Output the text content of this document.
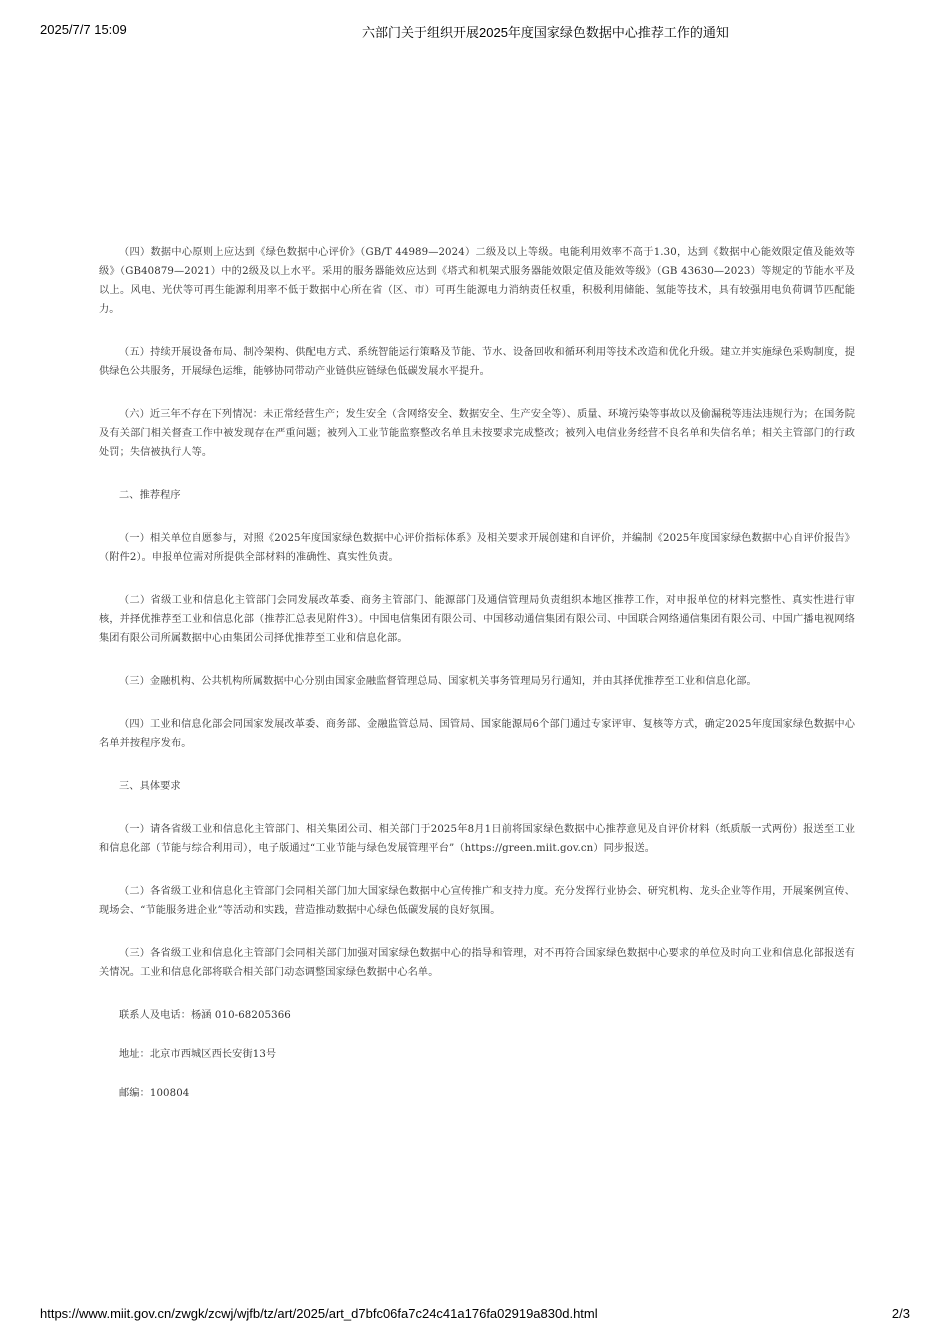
2025/7/7 15:09	六部门关于组织开展2025年度国家绿色数据中心推荐工作的通知

（四）数据中心原则上应达到《绿色数据中心评价》（GB/T 44989—2024）二级及以上等级。电能利用效率不高于1.30，达到《数据中心能效限定值及能效等级》（GB40879—2021）中的2级及以上水平。采用的服务器能效应达到《塔式和机架式服务器能效限定值及能效等级》（GB 43630—2023）等规定的节能水平及以上。风电、光伏等可再生能源利用率不低于数据中心所在省（区、市）可再生能源电力消纳责任权重，积极利用储能、氢能等技术，具有较强用电负荷调节匹配能力。

（五）持续开展设备布局、制冷架构、供配电方式、系统智能运行策略及节能、节水、设备回收和循环利用等技术改造和优化升级。建立并实施绿色采购制度，提供绿色公共服务，开展绿色运维，能够协同带动产业链供应链绿色低碳发展水平提升。

（六）近三年不存在下列情况：未正常经营生产；发生安全（含网络安全、数据安全、生产安全等）、质量、环境污染等事故以及偷漏税等违法违规行为；在国务院及有关部门相关督查工作中被发现存在严重问题；被列入工业节能监察整改名单且未按要求完成整改；被列入电信业务经营不良名单和失信名单；相关主管部门的行政处罚；失信被执行人等。

二、推荐程序

（一）相关单位自愿参与，对照《2025年度国家绿色数据中心评价指标体系》及相关要求开展创建和自评价，并编制《2025年度国家绿色数据中心自评价报告》（附件2）。申报单位需对所提供全部材料的准确性、真实性负责。

（二）省级工业和信息化主管部门会同发展改革委、商务主管部门、能源部门及通信管理局负责组织本地区推荐工作，对申报单位的材料完整性、真实性进行审核，并择优推荐至工业和信息化部（推荐汇总表见附件3）。中国电信集团有限公司、中国移动通信集团有限公司、中国联合网络通信集团有限公司、中国广播电视网络集团有限公司所属数据中心由集团公司择优推荐至工业和信息化部。

（三）金融机构、公共机构所属数据中心分别由国家金融监督管理总局、国家机关事务管理局另行通知，并由其择优推荐至工业和信息化部。

（四）工业和信息化部会同国家发展改革委、商务部、金融监管总局、国管局、国家能源局6个部门通过专家评审、复核等方式，确定2025年度国家绿色数据中心名单并按程序发布。

三、具体要求

（一）请各省级工业和信息化主管部门、相关集团公司、相关部门于2025年8月1日前将国家绿色数据中心推荐意见及自评价材料（纸质版一式两份）报送至工业和信息化部（节能与综合利用司），电子版通过“工业节能与绿色发展管理平台”（https://green.miit.gov.cn）同步报送。

（二）各省级工业和信息化主管部门会同相关部门加大国家绿色数据中心宣传推广和支持力度。充分发挥行业协会、研究机构、龙头企业等作用，开展案例宣传、现场会、“节能服务进企业”等活动和实践，营造推动数据中心绿色低碳发展的良好氛围。

（三）各省级工业和信息化主管部门会同相关部门加强对国家绿色数据中心的指导和管理，对不再符合国家绿色数据中心要求的单位及时向工业和信息化部报送有关情况。工业和信息化部将联合相关部门动态调整国家绿色数据中心名单。

联系人及电话：杨涵 010-68205366

地址：北京市西城区西长安街13号

邮编：100804

https://www.miit.gov.cn/zwgk/zcwj/wjfb/tz/art/2025/art_d7bfc06fa7c24c41a176fa02919a830d.html	2/3
